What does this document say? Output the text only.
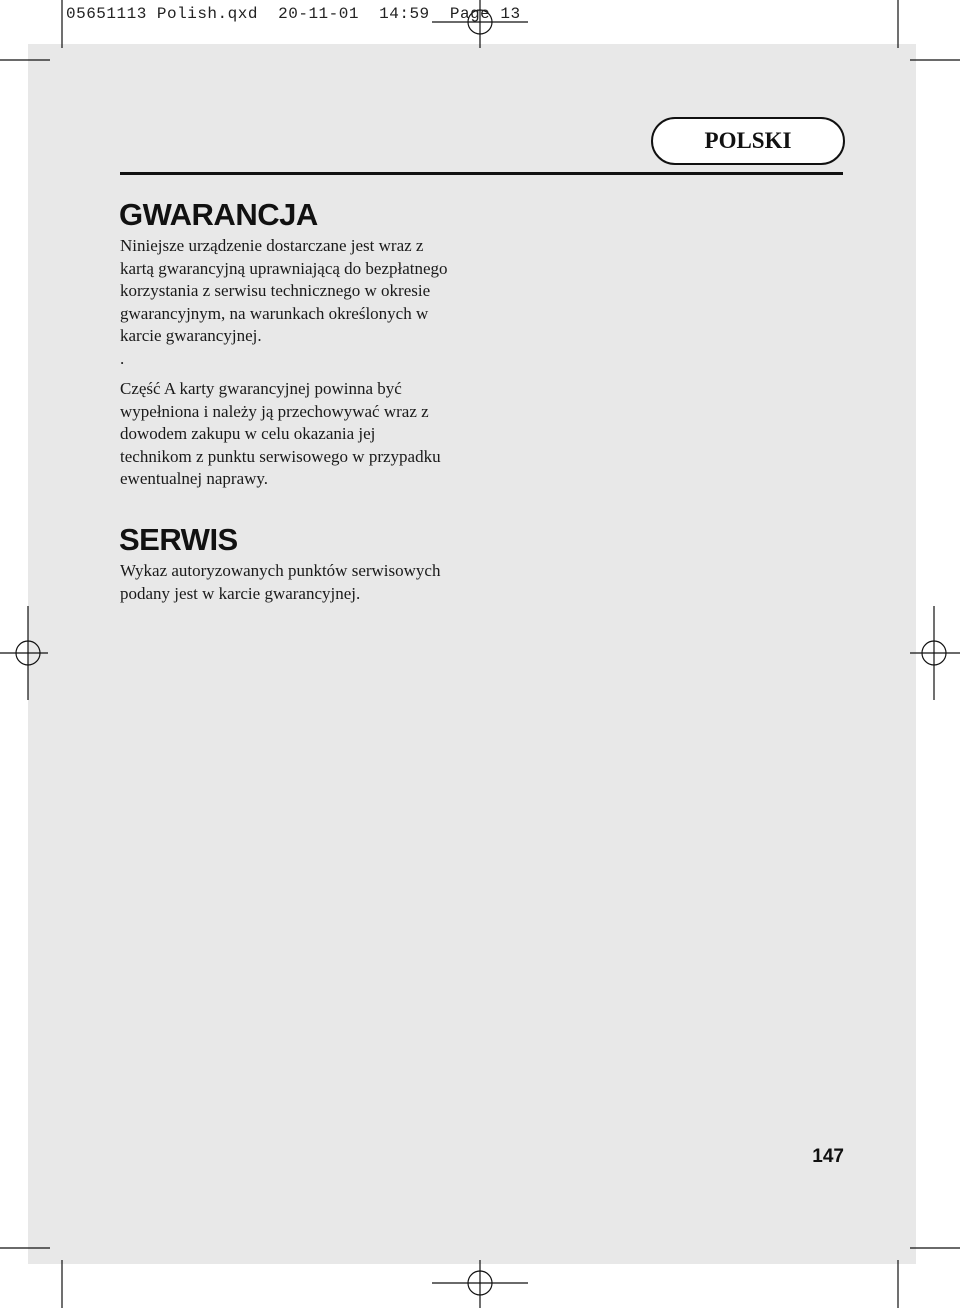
05651113 Polish.qxd  20-11-01  14:59  Page 13
POLSKI
GWARANCJA
Niniejsze urządzenie dostarczane jest wraz z
kartą gwarancyjną uprawniającą do bezpłatnego
korzystania z serwisu technicznego w okresie
gwarancyjnym, na warunkach określonych w
karcie gwarancyjnej.
.
Część A karty gwarancyjnej powinna być
wypełniona i należy ją przechowywać wraz z
dowodem zakupu w celu okazania jej
technikom z punktu serwisowego w przypadku
ewentualnej naprawy.
SERWIS
Wykaz autoryzowanych punktów serwisowych
podany jest w karcie gwarancyjnej.
147
